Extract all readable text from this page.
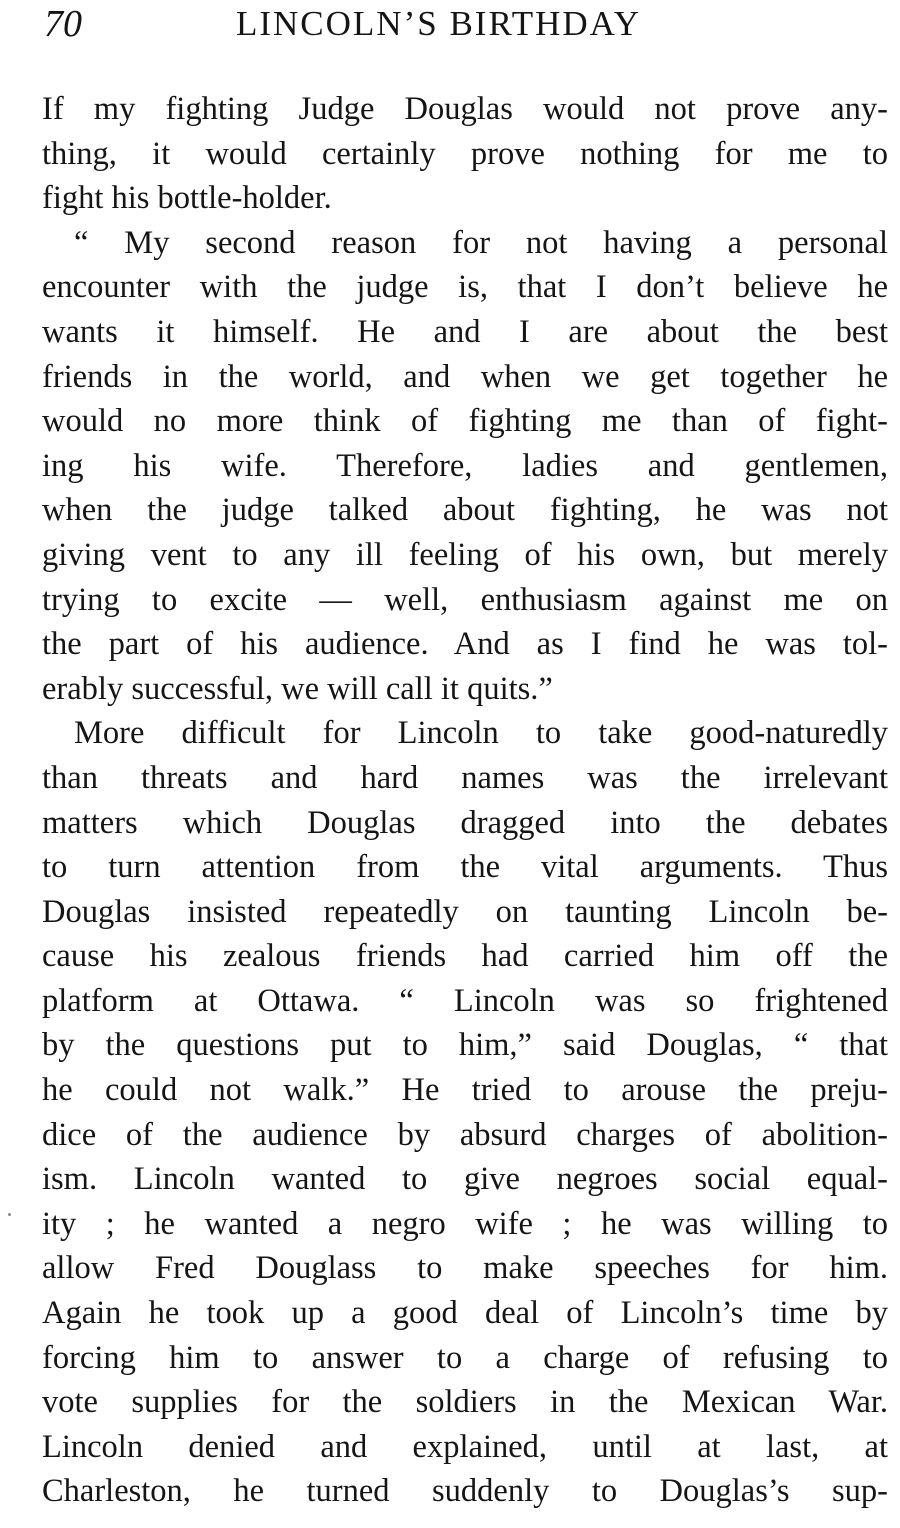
70	LINCOLN’S BIRTHDAY
If my fighting Judge Douglas would not prove any-
thing, it would certainly prove nothing for me to
fight his bottle-holder.
“ My second reason for not having a personal
encounter with the judge is, that I don’t believe he
wants it himself. He and I are about the best
friends in the world, and when we get together he
would no more think of fighting me than of fight-
ing his wife. Therefore, ladies and gentlemen,
when the judge talked about fighting, he was not
giving vent to any ill feeling of his own, but merely
trying to excite — well, enthusiasm against me on
the part of his audience. And as I find he was tol-
erably successful, we will call it quits.”
More difficult for Lincoln to take good-naturedly
than threats and hard names was the irrelevant
matters which Douglas dragged into the debates
to turn attention from the vital arguments. Thus
Douglas insisted repeatedly on taunting Lincoln be-
cause his zealous friends had carried him off the
platform at Ottawa. “ Lincoln was so frightened
by the questions put to him,” said Douglas, “ that
he could not walk.” He tried to arouse the preju-
dice of the audience by absurd charges of abolition-
ism. Lincoln wanted to give negroes social equal-
ity ; he wanted a negro wife ; he was willing to
allow Fred Douglass to make speeches for him.
Again he took up a good deal of Lincoln’s time by
forcing him to answer to a charge of refusing to
vote supplies for the soldiers in the Mexican War.
Lincoln denied and explained, until at last, at
Charleston, he turned suddenly to Douglas’s sup-
